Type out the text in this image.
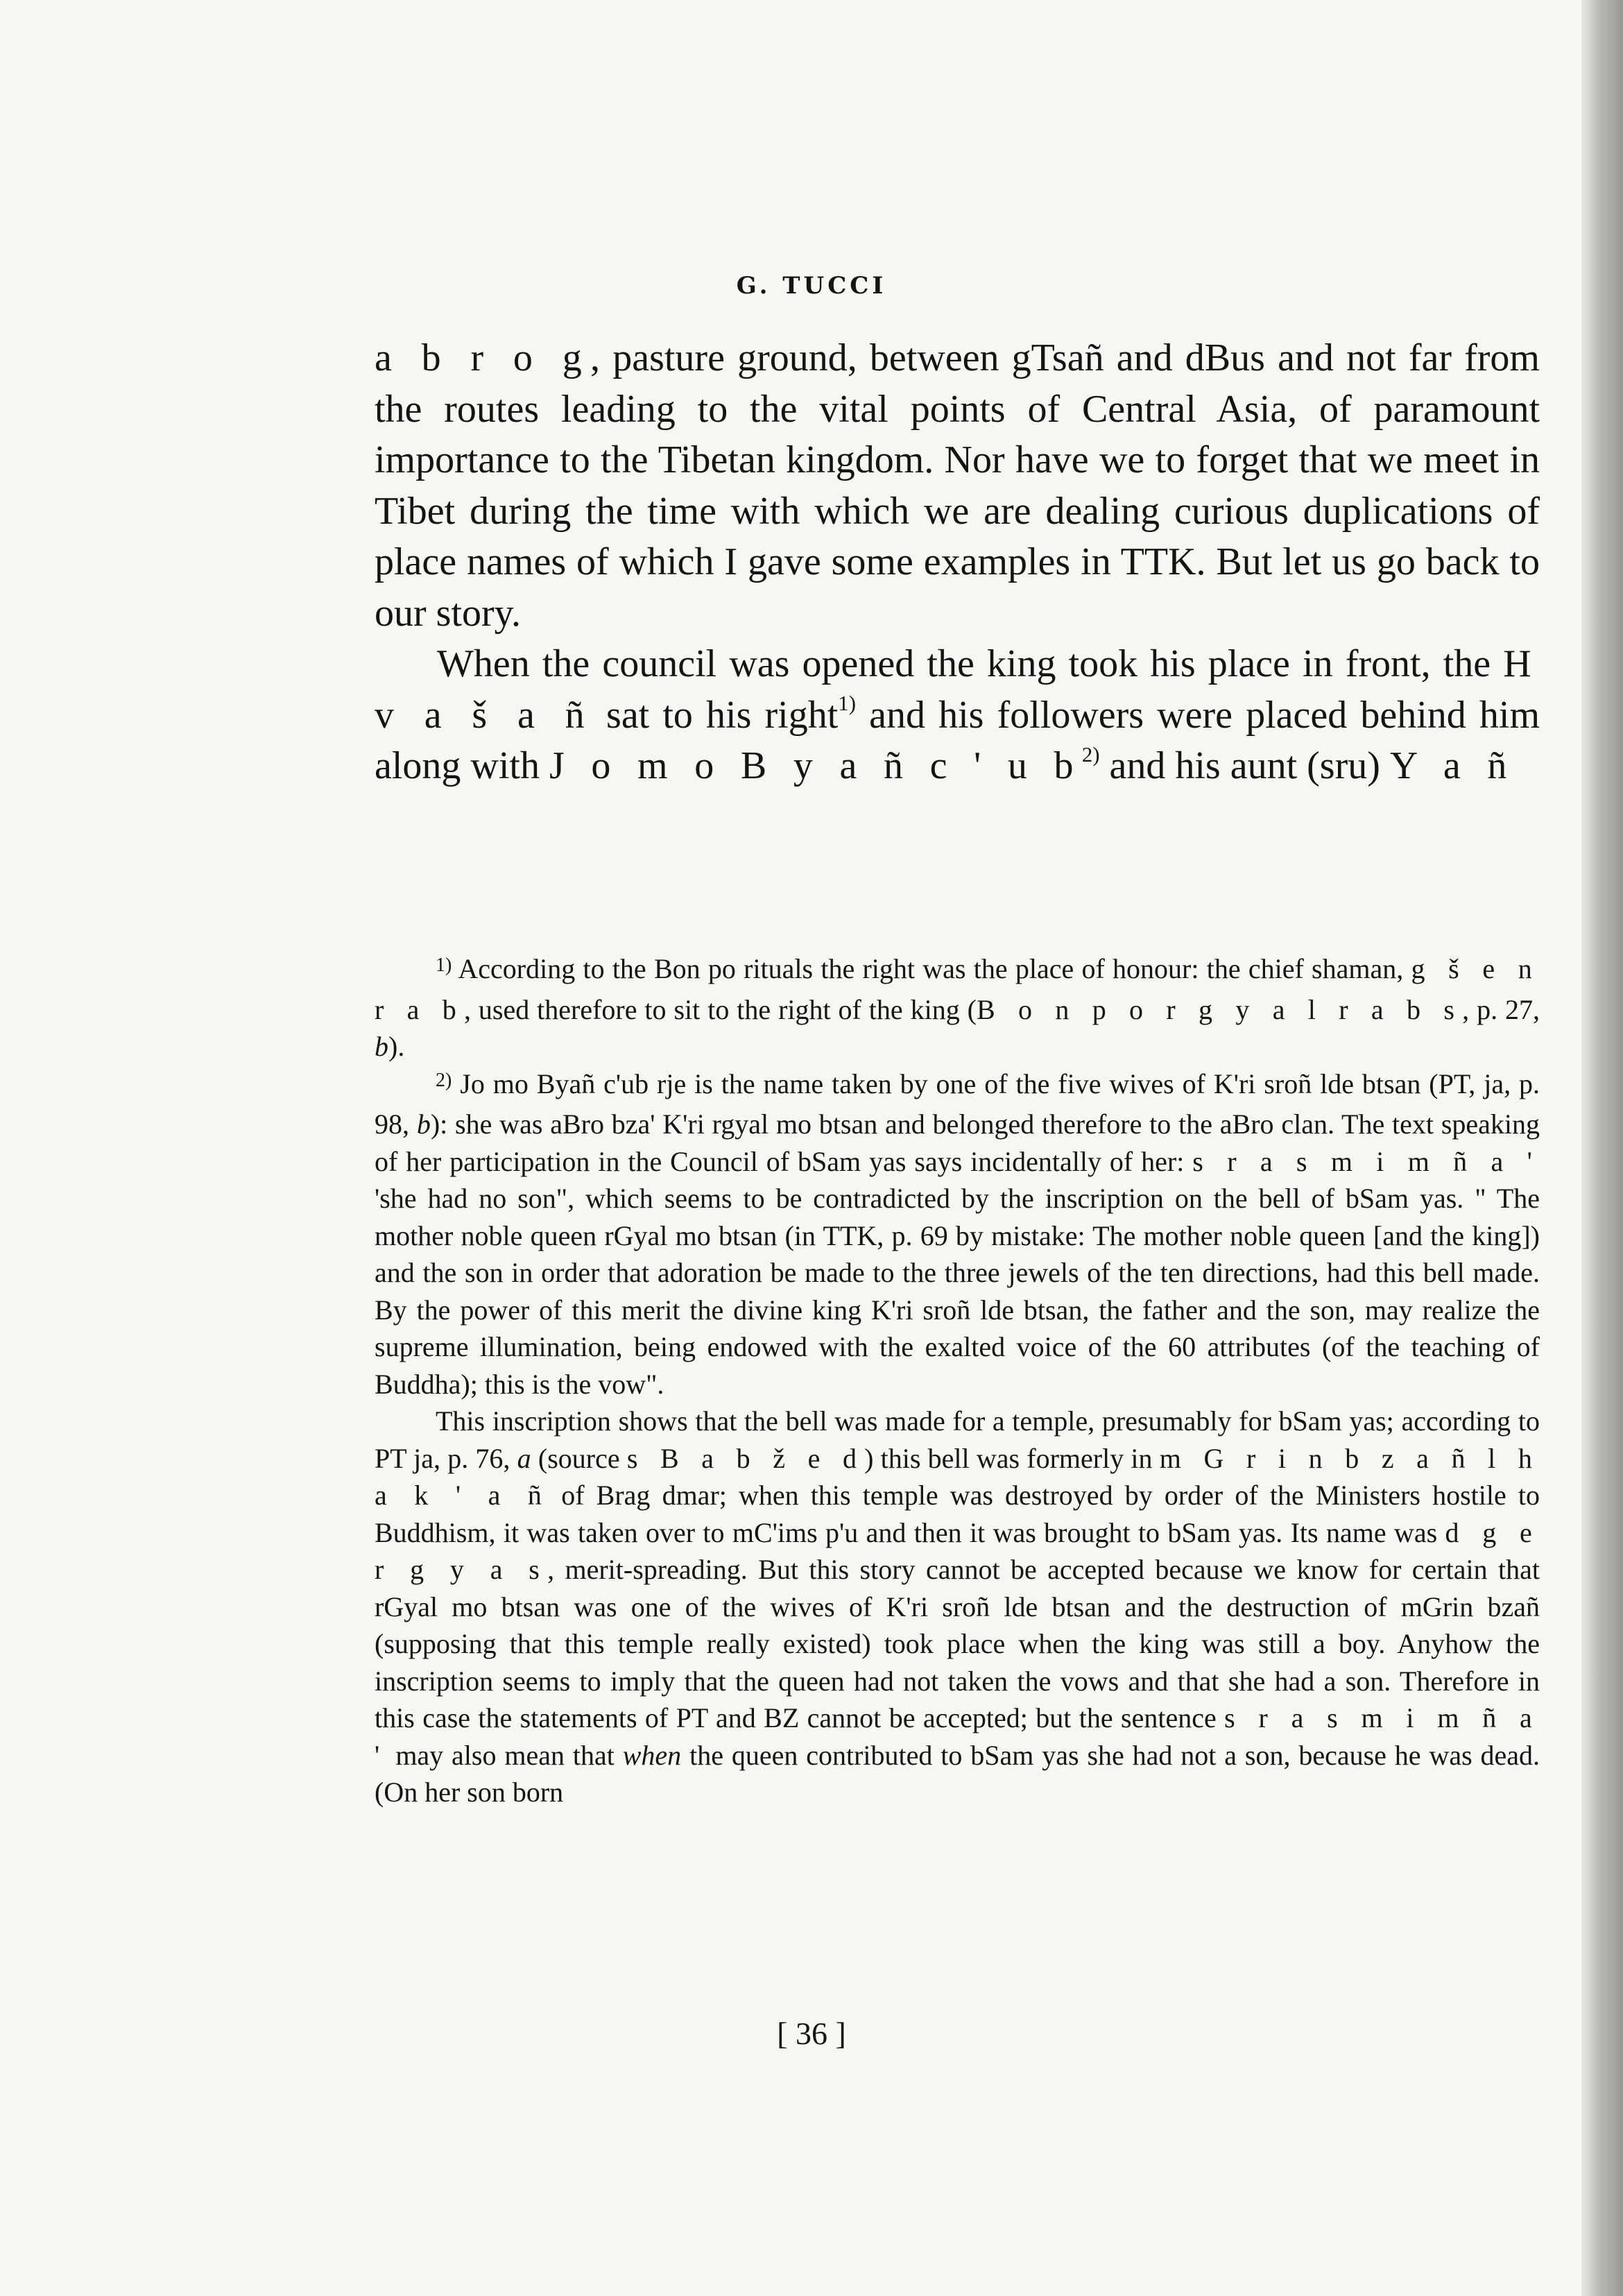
G. TUCCI

a b r o g, pasture ground, between gTsañ and dBus and not far from the routes leading to the vital points of Central Asia, of paramount importance to the Tibetan kingdom. Nor have we to forget that we meet in Tibet during the time with which we are dealing curious duplications of place names of which I gave some examples in TTK. But let us go back to our story.

When the council was opened the king took his place in front, the H v a š a ñ sat to his right$^{1)}$ and his followers were placed behind him along with J o m o B y a ñ c ' u $b^{2)}$ and his aunt (sru) Y a ñ

$^{1)}$ According to the Bon po rituals the right was the place of honour: the chief shaman, g š e n r a b, used therefore to sit to the right of the king (B o n p o r g y a l r a b s, p. 27, b).

$^{2)}$ Jo mo Byañ c'ub rje is the name taken by one of the five wives of K'ri sroñ lde btsan (PT, ja, p. 98, b): she was aBro bza' K'ri rgyal mo btsan and belonged therefore to the aBro clan. The text speaking of her participation in the Council of bSam yas says incidentally of her: s r a s m i m ñ a ' 'she had no son", which seems to be contradicted by the inscription on the bell of bSam yas. " The mother noble queen rGyal mo btsan (in TTK, p. 69 by mistake: The mother noble queen [and the king]) and the son in order that adoration be made to the three jewels of the ten directions, had this bell made. By the power of this merit the divine king K'ri sroñ lde btsan, the father and the son, may realize the supreme illumination, being endowed with the exalted voice of the 60 attributes (of the teaching of Buddha); this is the vow".

This inscription shows that the bell was made for a temple, presumably for bSam yas; according to PT ja, p. 76, a (source s B a b ž e d) this bell was formerly in m G r i n b z a ñ l h a k ' a ñ of Brag dmar; when this temple was destroyed by order of the Ministers hostile to Buddhism, it was taken over to mC'ims p'u and then it was brought to bSam yas. Its name was d g e r g y a s, merit-spreading. But this story cannot be accepted because we know for certain that rGyal mo btsan was one of the wives of K'ri sroñ lde btsan and the destruction of mGrin bzañ (supposing that this temple really existed) took place when the king was still a boy. Anyhow the inscription seems to imply that the queen had not taken the vows and that she had a son. Therefore in this case the statements of PT and BZ cannot be accepted; but the sentence s r a s m i m ñ a ' may also mean that when the queen contributed to bSam yas she had not a son, because he was dead. (On her son born

[ 36 ]
